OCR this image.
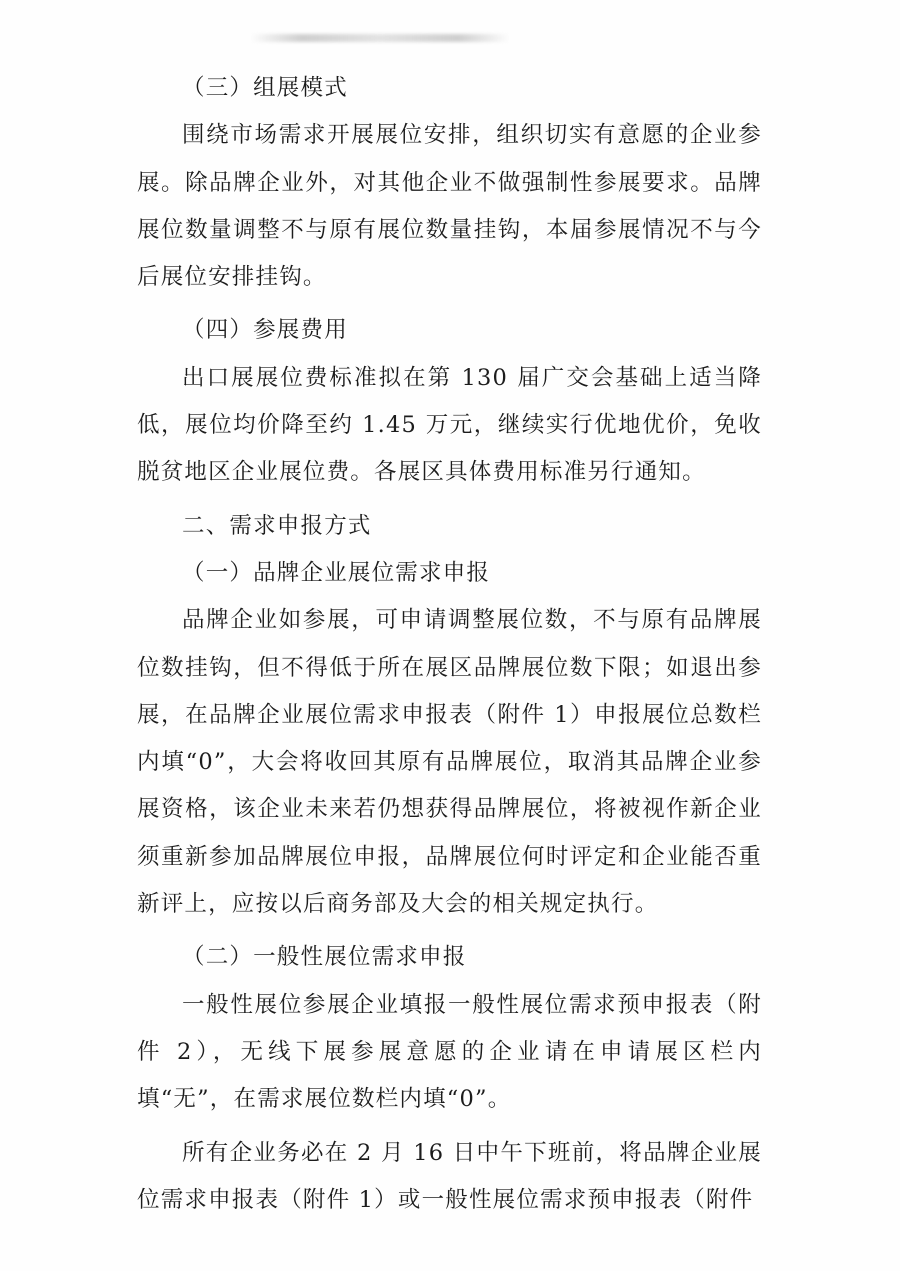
（三）组展模式

围绕市场需求开展展位安排，组织切实有意愿的企业参展。除品牌企业外，对其他企业不做强制性参展要求。品牌展位数量调整不与原有展位数量挂钩，本届参展情况不与今后展位安排挂钩。

（四）参展费用

出口展展位费标准拟在第 130 届广交会基础上适当降低，展位均价降至约 1.45 万元，继续实行优地优价，免收脱贫地区企业展位费。各展区具体费用标准另行通知。

二、需求申报方式

（一）品牌企业展位需求申报

品牌企业如参展，可申请调整展位数，不与原有品牌展位数挂钩，但不得低于所在展区品牌展位数下限；如退出参展，在品牌企业展位需求申报表（附件 1）申报展位总数栏内填“0”，大会将收回其原有品牌展位，取消其品牌企业参展资格，该企业未来若仍想获得品牌展位，将被视作新企业须重新参加品牌展位申报，品牌展位何时评定和企业能否重新评上，应按以后商务部及大会的相关规定执行。

（二）一般性展位需求申报

一般性展位参展企业填报一般性展位需求预申报表（附件 2），无线下展参展意愿的企业请在申请展区栏内填“无”，在需求展位数栏内填“0”。

所有企业务必在 2 月 16 日中午下班前，将品牌企业展位需求申报表（附件 1）或一般性展位需求预申报表（附件
